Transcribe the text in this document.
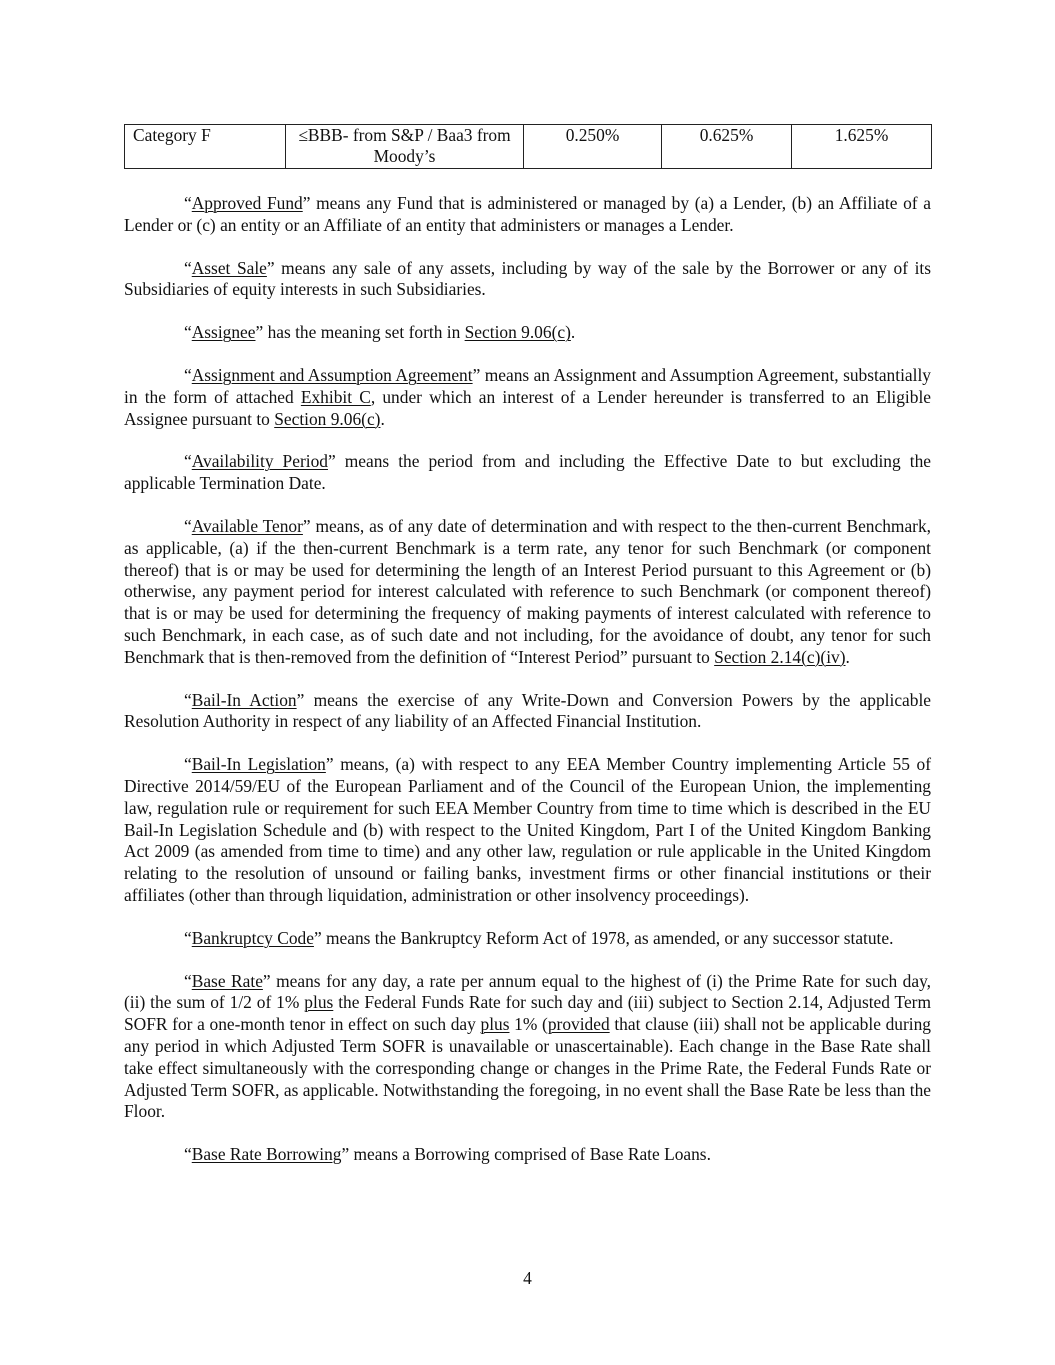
Category F	≤BBB- from S&P / Baa3 from Moody’s	0.250%	0.625%	1.625%

“Approved Fund” means any Fund that is administered or managed by (a) a Lender, (b) an Affiliate of a Lender or (c) an entity or an Affiliate of an entity that administers or manages a Lender.

“Asset Sale” means any sale of any assets, including by way of the sale by the Borrower or any of its Subsidiaries of equity interests in such Subsidiaries.

“Assignee” has the meaning set forth in Section 9.06(c).

“Assignment and Assumption Agreement” means an Assignment and Assumption Agreement, substantially in the form of attached Exhibit C, under which an interest of a Lender hereunder is transferred to an Eligible Assignee pursuant to Section 9.06(c).

“Availability Period” means the period from and including the Effective Date to but excluding the applicable Termination Date.

“Available Tenor” means, as of any date of determination and with respect to the then-current Benchmark, as applicable, (a) if the then-current Benchmark is a term rate, any tenor for such Benchmark (or component thereof) that is or may be used for determining the length of an Interest Period pursuant to this Agreement or (b) otherwise, any payment period for interest calculated with reference to such Benchmark (or component thereof) that is or may be used for determining the frequency of making payments of interest calculated with reference to such Benchmark, in each case, as of such date and not including, for the avoidance of doubt, any tenor for such Benchmark that is then-removed from the definition of “Interest Period” pursuant to Section 2.14(c)(iv).

“Bail-In Action” means the exercise of any Write-Down and Conversion Powers by the applicable Resolution Authority in respect of any liability of an Affected Financial Institution.

“Bail-In Legislation” means, (a) with respect to any EEA Member Country implementing Article 55 of Directive 2014/59/EU of the European Parliament and of the Council of the European Union, the implementing law, regulation rule or requirement for such EEA Member Country from time to time which is described in the EU Bail-In Legislation Schedule and (b) with respect to the United Kingdom, Part I of the United Kingdom Banking Act 2009 (as amended from time to time) and any other law, regulation or rule applicable in the United Kingdom relating to the resolution of unsound or failing banks, investment firms or other financial institutions or their affiliates (other than through liquidation, administration or other insolvency proceedings).

“Bankruptcy Code” means the Bankruptcy Reform Act of 1978, as amended, or any successor statute.

“Base Rate” means for any day, a rate per annum equal to the highest of (i) the Prime Rate for such day, (ii) the sum of 1/2 of 1% plus the Federal Funds Rate for such day and (iii) subject to Section 2.14, Adjusted Term SOFR for a one-month tenor in effect on such day plus 1% (provided that clause (iii) shall not be applicable during any period in which Adjusted Term SOFR is unavailable or unascertainable). Each change in the Base Rate shall take effect simultaneously with the corresponding change or changes in the Prime Rate, the Federal Funds Rate or Adjusted Term SOFR, as applicable. Notwithstanding the foregoing, in no event shall the Base Rate be less than the Floor.

“Base Rate Borrowing” means a Borrowing comprised of Base Rate Loans.

4
